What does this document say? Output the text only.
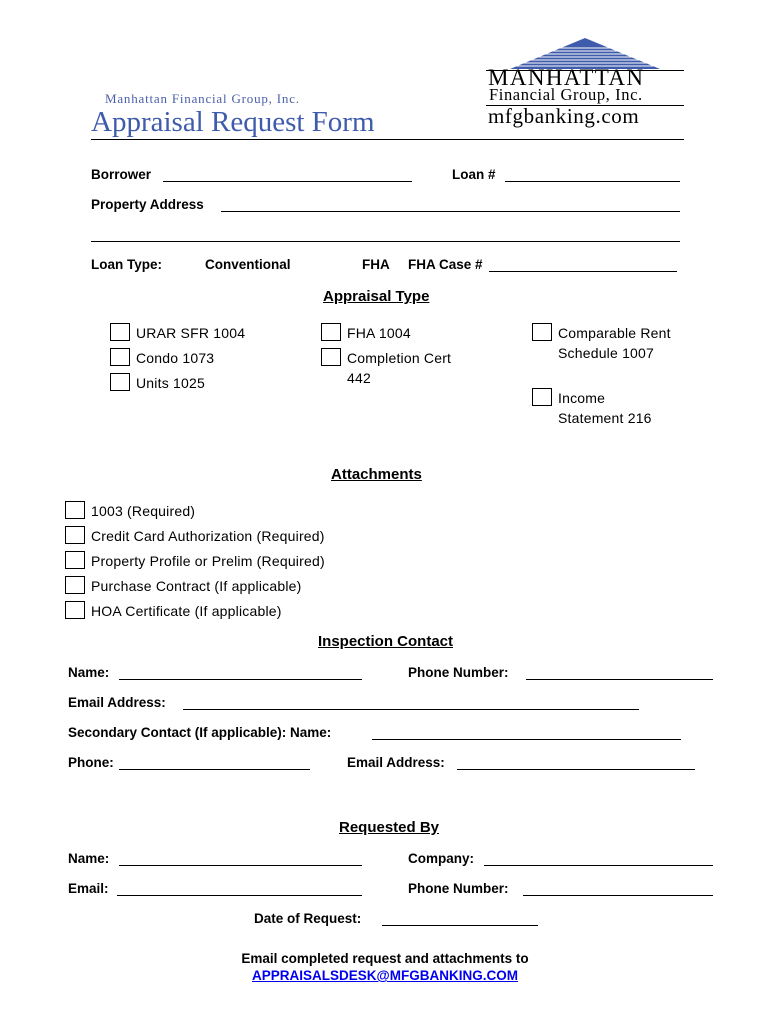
MANHATTAN
Financial Group, Inc.
mfgbanking.com
Manhattan Financial Group, Inc.
Appraisal Request Form
Borrower	Loan #
Property Address
Loan Type:	Conventional	FHA FHA Case #
Appraisal Type
URAR SFR 1004
Condo 1073
Units 1025
FHA 1004
Completion Cert 442
Comparable Rent Schedule 1007
Income Statement 216
Attachments
1003 (Required)
Credit Card Authorization (Required)
Property Profile or Prelim (Required)
Purchase Contract (If applicable)
HOA Certificate (If applicable)
Inspection Contact
Name:	Phone Number:
Email Address:
Secondary Contact (If applicable): Name:
Phone:	Email Address:
Requested By
Name:	Company:
Email:	Phone Number:
Date of Request:
Email completed request and attachments to
APPRAISALSDESK@MFGBANKING.COM
